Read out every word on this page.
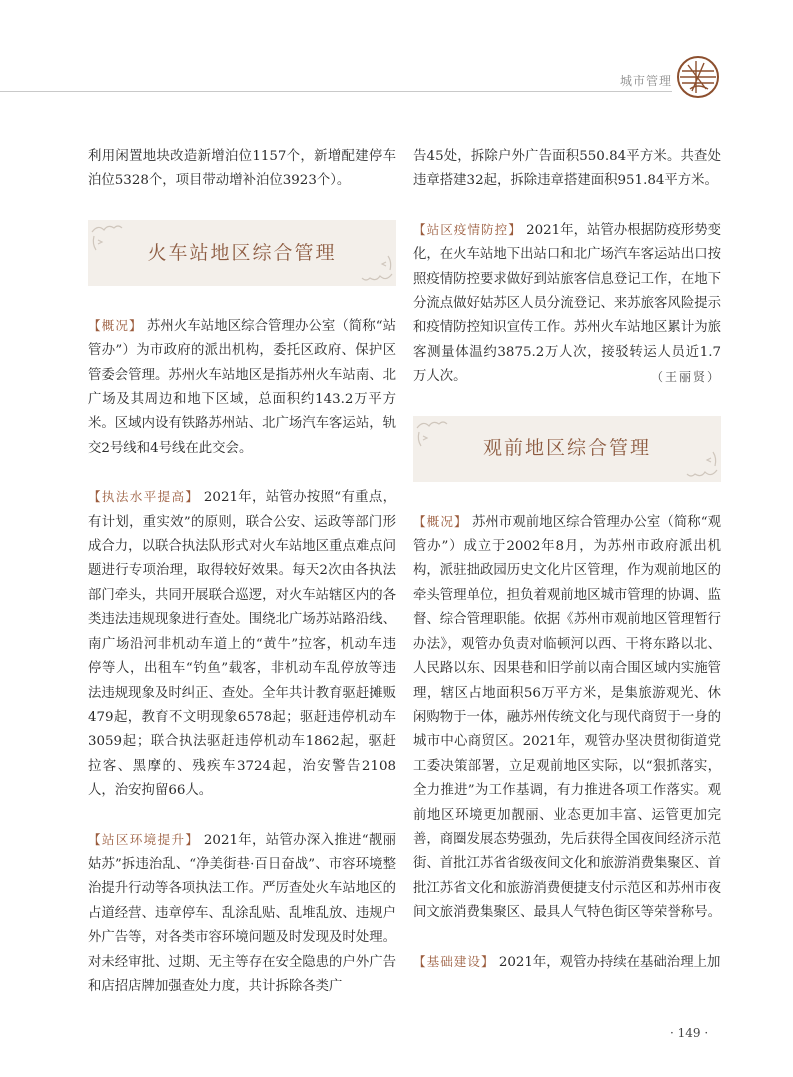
城市管理

利用闲置地块改造新增泊位1157个，新增配建停车泊位5328个，项目带动增补泊位3923个）。

火车站地区综合管理

【概况】 苏州火车站地区综合管理办公室（简称“站管办”）为市政府的派出机构，委托区政府、保护区管委会管理。苏州火车站地区是指苏州火车站南、北广场及其周边和地下区域，总面积约143.2万平方米。区域内设有铁路苏州站、北广场汽车客运站，轨交2号线和4号线在此交会。

【执法水平提高】 2021年，站管办按照“有重点，有计划，重实效”的原则，联合公安、运政等部门形成合力，以联合执法队形式对火车站地区重点难点问题进行专项治理，取得较好效果。每天2次由各执法部门牵头，共同开展联合巡逻，对火车站辖区内的各类违法违规现象进行查处。围绕北广场苏站路沿线、南广场沿河非机动车道上的“黄牛”拉客，机动车违停等人，出租车“钓鱼”载客，非机动车乱停放等违法违规现象及时纠正、查处。全年共计教育驱赶摊贩479起，教育不文明现象6578起；驱赶违停机动车3059起；联合执法驱赶违停机动车1862起，驱赶拉客、黑摩的、残疾车3724起，治安警告2108人，治安拘留66人。

【站区环境提升】 2021年，站管办深入推进“靓丽姑苏”拆违治乱、“净美街巷·百日奋战”、市容环境整治提升行动等各项执法工作。严厉查处火车站地区的占道经营、违章停车、乱涂乱贴、乱堆乱放、违规户外广告等，对各类市容环境问题及时发现及时处理。对未经审批、过期、无主等存在安全隐患的户外广告和店招店牌加强查处力度，共计拆除各类广

告45处，拆除户外广告面积550.84平方米。共查处违章搭建32起，拆除违章搭建面积951.84平方米。

【站区疫情防控】 2021年，站管办根据防疫形势变化，在火车站地下出站口和北广场汽车客运站出口按照疫情防控要求做好到站旅客信息登记工作，在地下分流点做好姑苏区人员分流登记、来苏旅客风险提示和疫情防控知识宣传工作。苏州火车站地区累计为旅客测量体温约3875.2万人次，接驳转运人员近1.7万人次。	（王丽贤）

观前地区综合管理

【概况】 苏州市观前地区综合管理办公室（简称“观管办”）成立于2002年8月，为苏州市政府派出机构，派驻拙政园历史文化片区管理，作为观前地区的牵头管理单位，担负着观前地区城市管理的协调、监督、综合管理职能。依据《苏州市观前地区管理暂行办法》，观管办负责对临顿河以西、干将东路以北、人民路以东、因果巷和旧学前以南合围区域内实施管理，辖区占地面积56万平方米，是集旅游观光、休闲购物于一体，融苏州传统文化与现代商贸于一身的城市中心商贸区。2021年，观管办坚决贯彻街道党工委决策部署，立足观前地区实际，以“狠抓落实，全力推进”为工作基调，有力推进各项工作落实。观前地区环境更加靓丽、业态更加丰富、运管更加完善，商圈发展态势强劲，先后获得全国夜间经济示范街、首批江苏省省级夜间文化和旅游消费集聚区、首批江苏省文化和旅游消费便捷支付示范区和苏州市夜间文旅消费集聚区、最具人气特色街区等荣誉称号。

【基础建设】 2021年，观管办持续在基础治理上加

· 149 ·
